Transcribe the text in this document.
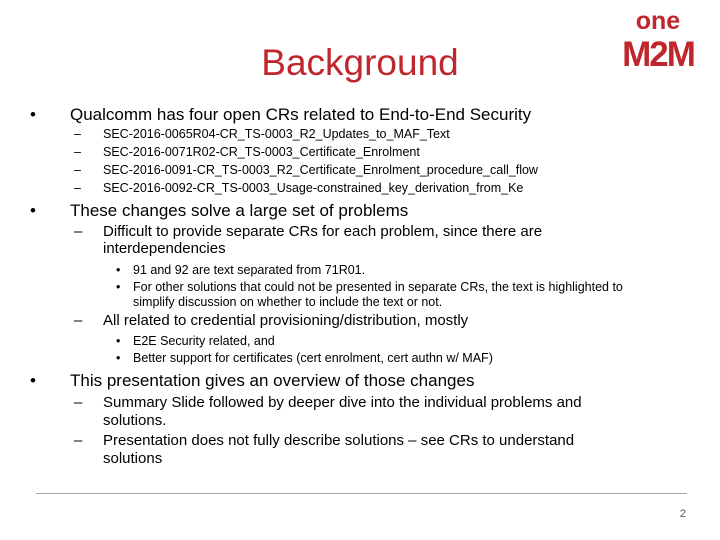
Background
one
M2M
• Qualcomm has four open CRs related to End-to-End Security
– SEC-2016-0065R04-CR_TS-0003_R2_Updates_to_MAF_Text
– SEC-2016-0071R02-CR_TS-0003_Certificate_Enrolment
– SEC-2016-0091-CR_TS-0003_R2_Certificate_Enrolment_procedure_call_flow
– SEC-2016-0092-CR_TS-0003_Usage-constrained_key_derivation_from_Ke
• These changes solve a large set of problems
– Difficult to provide separate CRs for each problem, since there are
interdependencies
• 91 and 92 are text separated from 71R01.
• For other solutions that could not be presented in separate CRs, the text is highlighted to
simplify discussion on whether to include the text or not.
– All related to credential provisioning/distribution, mostly
• E2E Security related, and
• Better support for certificates (cert enrolment, cert authn w/ MAF)
• This presentation gives an overview of those changes
– Summary Slide followed by deeper dive into the individual problems and
solutions.
– Presentation does not fully describe solutions – see CRs to understand
solutions
2
